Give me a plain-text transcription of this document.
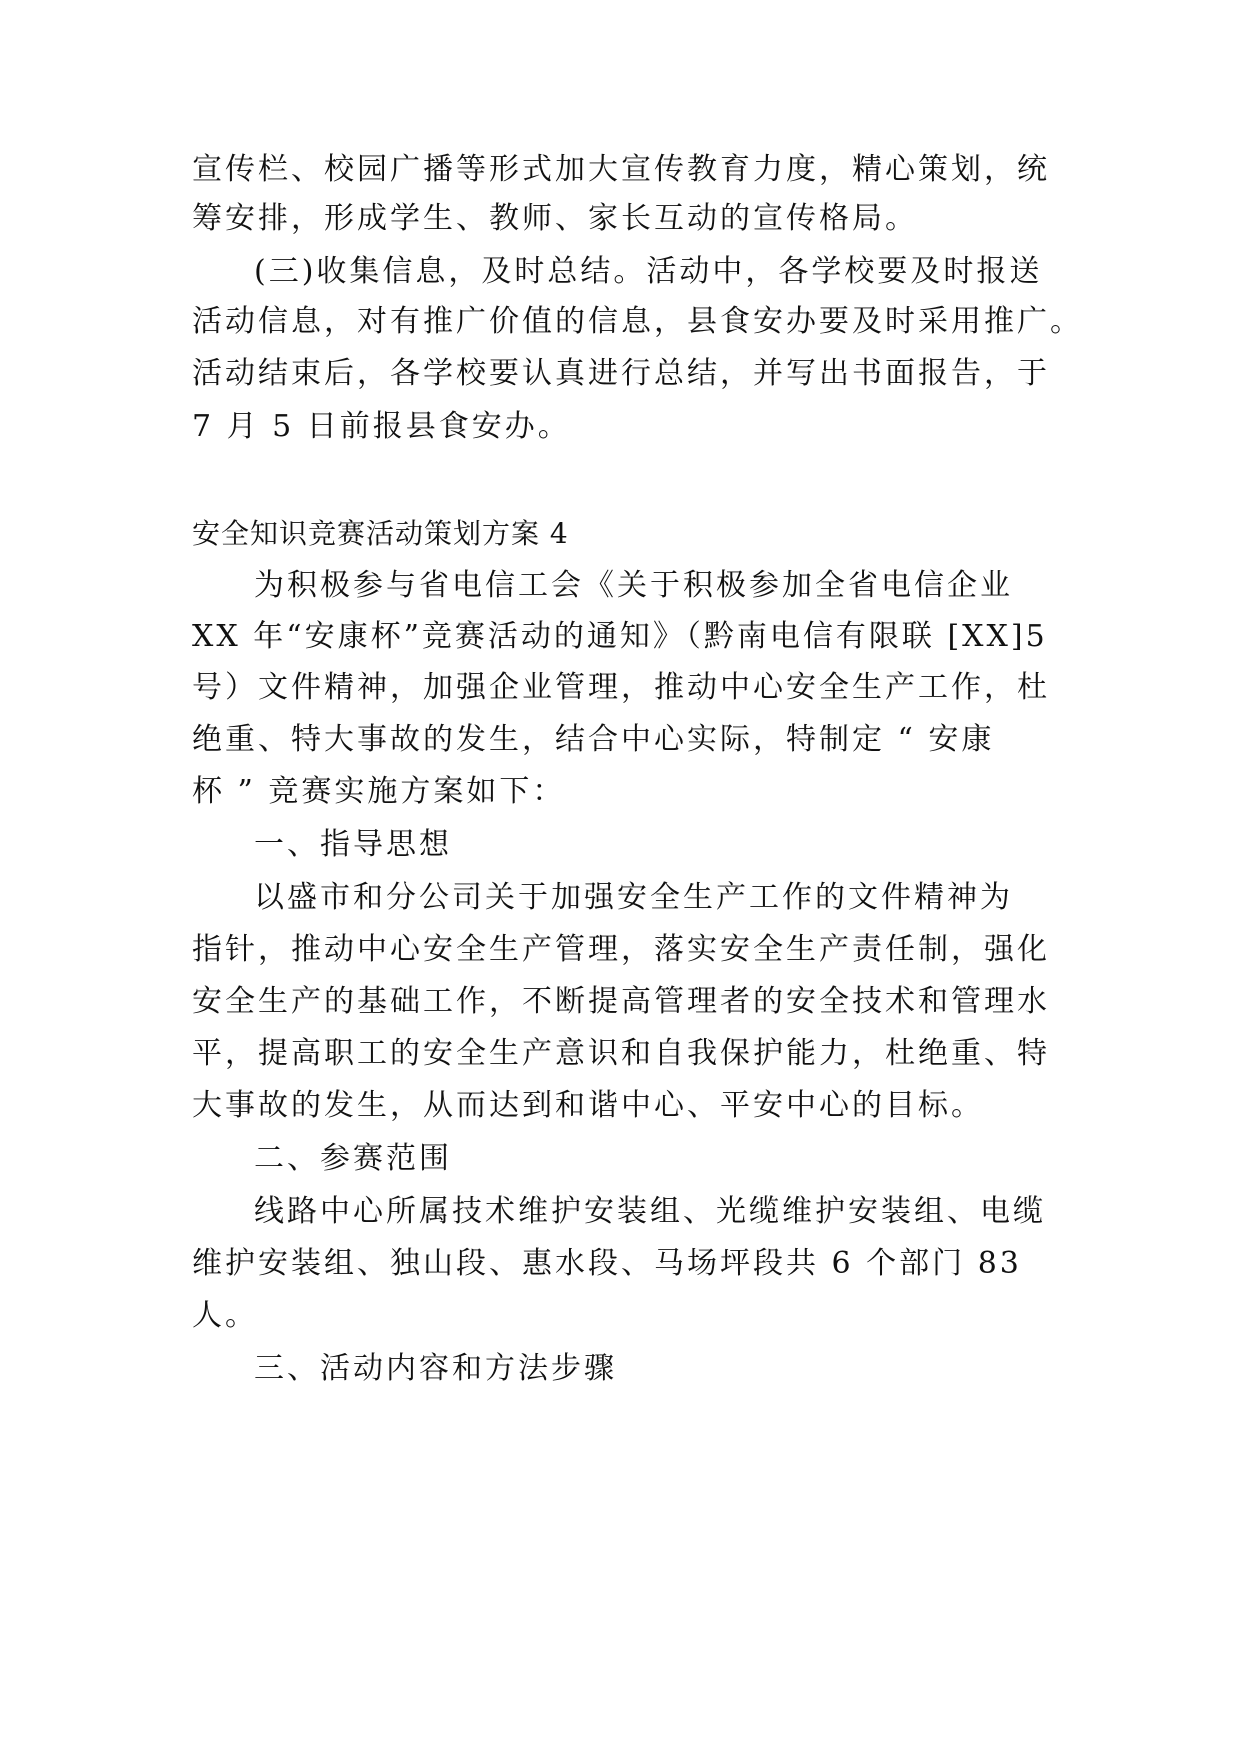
宣传栏、校园广播等形式加大宣传教育力度，精心策划，统
筹安排，形成学生、教师、家长互动的宣传格局。
(三)收集信息，及时总结。活动中，各学校要及时报送
活动信息，对有推广价值的信息，县食安办要及时采用推广。
活动结束后，各学校要认真进行总结，并写出书面报告，于
7 月 5 日前报县食安办。
安全知识竞赛活动策划方案 4
为积极参与省电信工会《关于积极参加全省电信企业
XX 年“安康杯”竞赛活动的通知》（黔南电信有限联 [XX]5
号）文件精神，加强企业管理，推动中心安全生产工作，杜
绝重、特大事故的发生，结合中心实际，特制定 “ 安康
杯 ” 竞赛实施方案如下：
一、指导思想
以盛市和分公司关于加强安全生产工作的文件精神为
指针，推动中心安全生产管理，落实安全生产责任制，强化
安全生产的基础工作，不断提高管理者的安全技术和管理水
平，提高职工的安全生产意识和自我保护能力，杜绝重、特
大事故的发生，从而达到和谐中心、平安中心的目标。
二、参赛范围
线路中心所属技术维护安装组、光缆维护安装组、电缆
维护安装组、独山段、惠水段、马场坪段共 6 个部门 83
人。
三、活动内容和方法步骤
